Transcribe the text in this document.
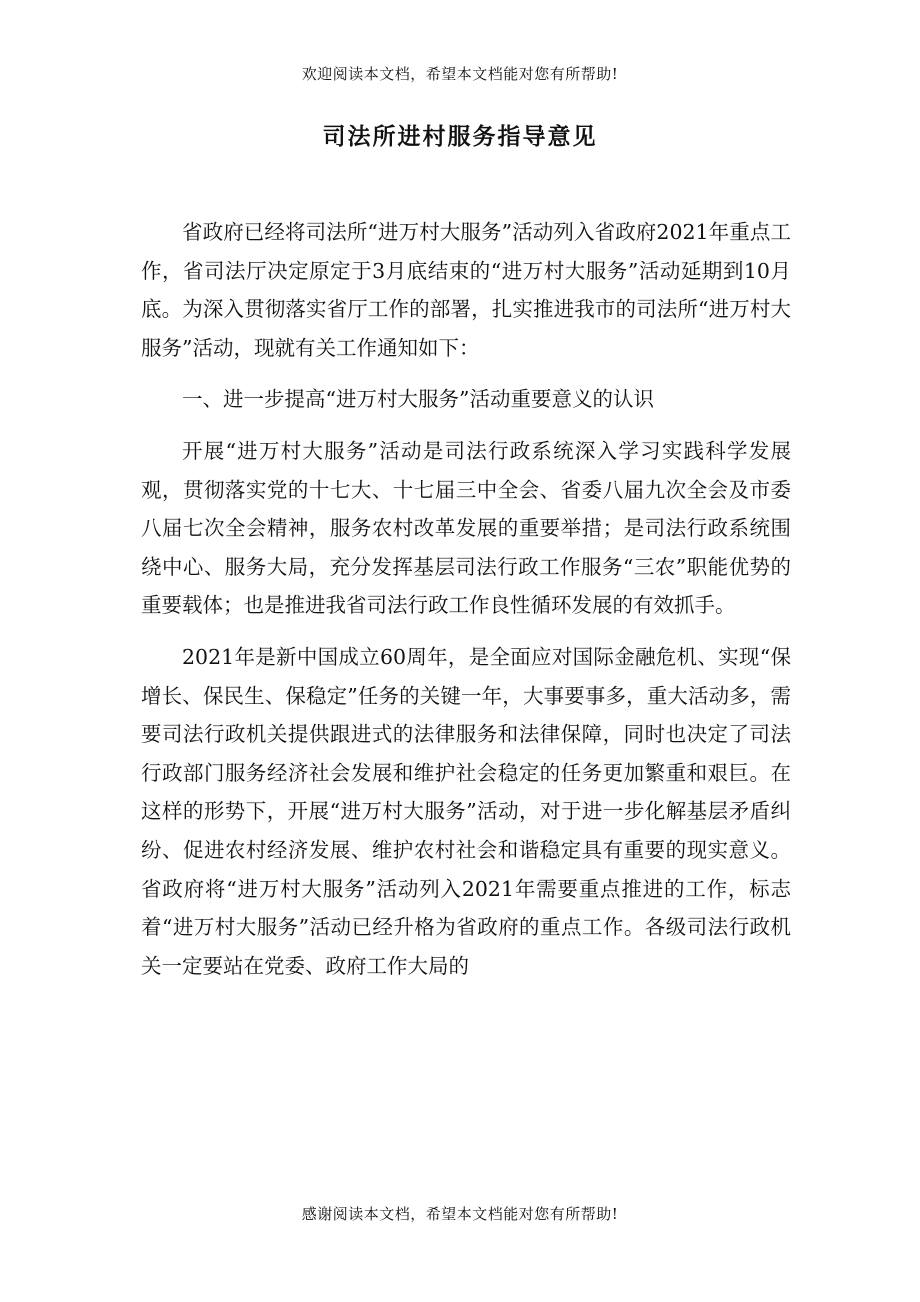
欢迎阅读本文档，希望本文档能对您有所帮助!
司法所进村服务指导意见

省政府已经将司法所“进万村大服务”活动列入省政府2021年重点工作，省司法厅决定原定于3月底结束的“进万村大服务”活动延期到10月底。为深入贯彻落实省厅工作的部署，扎实推进我市的司法所“进万村大服务”活动，现就有关工作通知如下：

一、进一步提高“进万村大服务”活动重要意义的认识

开展“进万村大服务”活动是司法行政系统深入学习实践科学发展观，贯彻落实党的十七大、十七届三中全会、省委八届九次全会及市委八届七次全会精神，服务农村改革发展的重要举措；是司法行政系统围绕中心、服务大局，充分发挥基层司法行政工作服务“三农”职能优势的重要载体；也是推进我省司法行政工作良性循环发展的有效抓手。

2021年是新中国成立60周年，是全面应对国际金融危机、实现“保增长、保民生、保稳定”任务的关键一年，大事要事多，重大活动多，需要司法行政机关提供跟进式的法律服务和法律保障，同时也决定了司法行政部门服务经济社会发展和维护社会稳定的任务更加繁重和艰巨。在这样的形势下，开展“进万村大服务”活动，对于进一步化解基层矛盾纠纷、促进农村经济发展、维护农村社会和谐稳定具有重要的现实意义。省政府将“进万村大服务”活动列入2021年需要重点推进的工作，标志着“进万村大服务”活动已经升格为省政府的重点工作。各级司法行政机关一定要站在党委、政府工作大局的

感谢阅读本文档，希望本文档能对您有所帮助!
